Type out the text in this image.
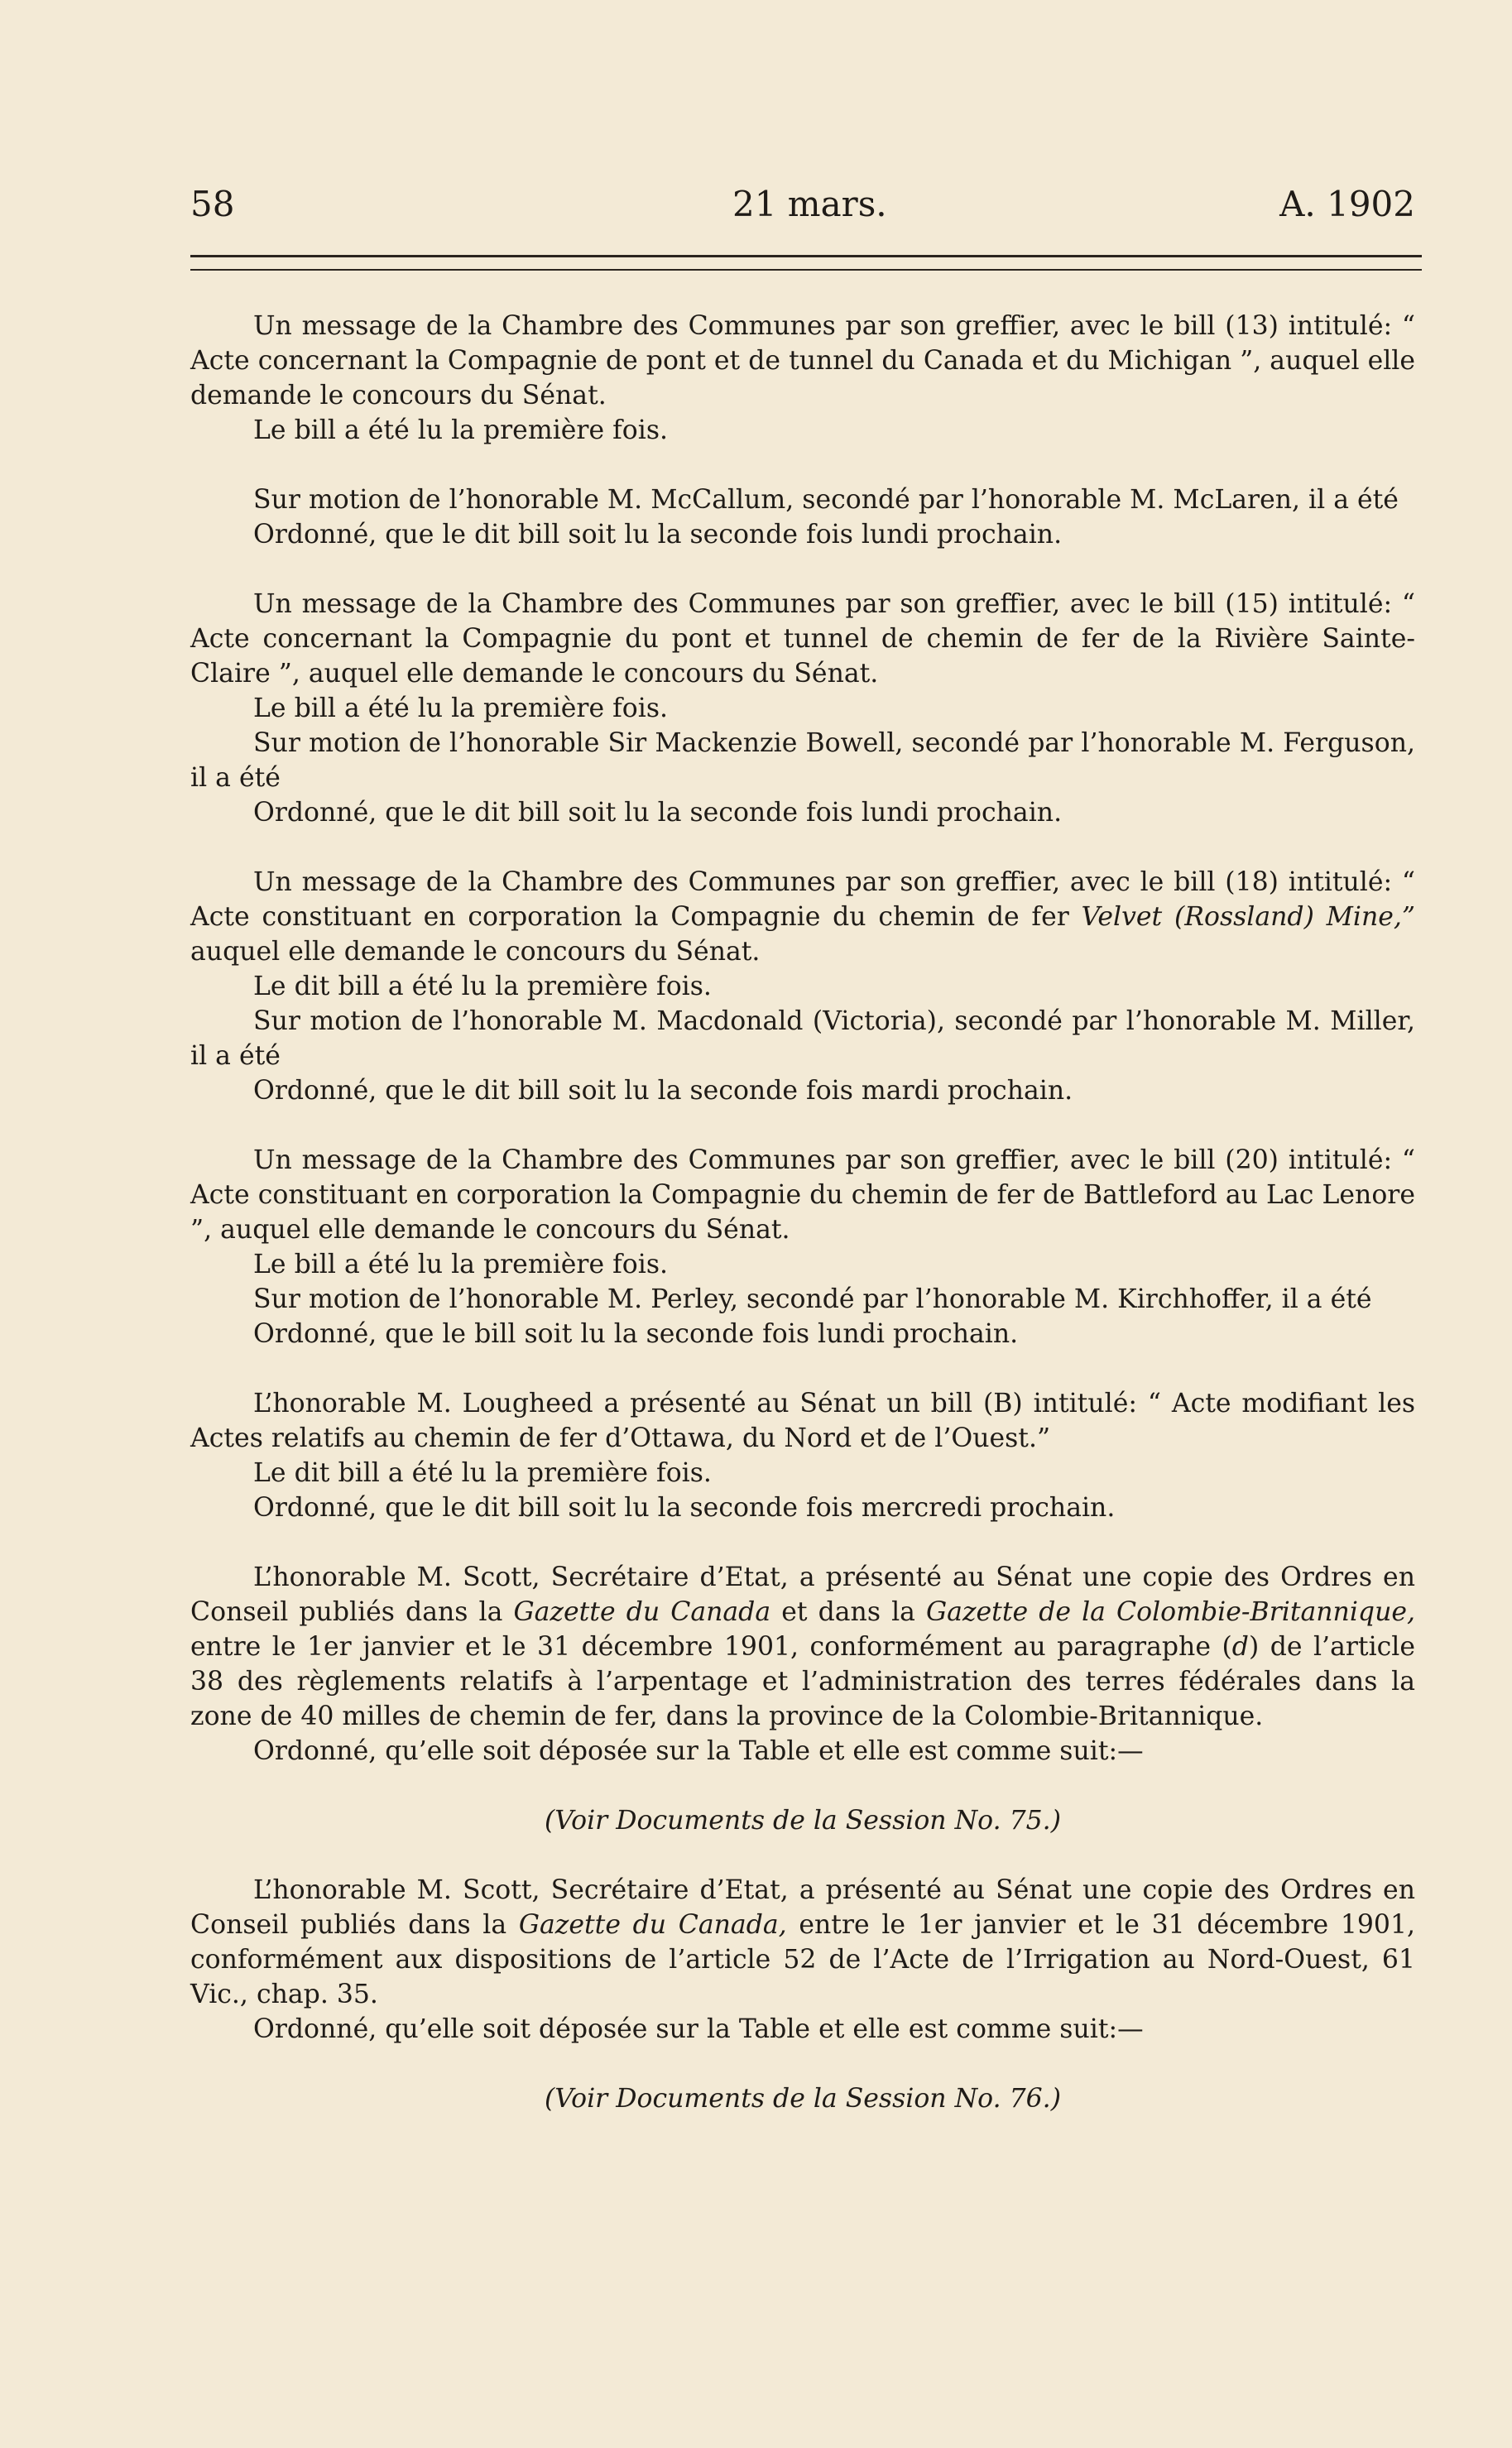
58	21 mars.	A. 1902

Un message de la Chambre des Communes par son greffier, avec le bill (13) intitulé: “ Acte concernant la Compagnie de pont et de tunnel du Canada et du Michigan ”, auquel elle demande le concours du Sénat.

Le bill a été lu la première fois.

Sur motion de l’honorable M. McCallum, secondé par l’honorable M. McLaren, il a été

Ordonné, que le dit bill soit lu la seconde fois lundi prochain.

Un message de la Chambre des Communes par son greffier, avec le bill (15) intitulé: “ Acte concernant la Compagnie du pont et tunnel de chemin de fer de la Rivière Sainte-Claire ”, auquel elle demande le concours du Sénat.

Le bill a été lu la première fois.

Sur motion de l’honorable Sir Mackenzie Bowell, secondé par l’honorable M. Ferguson, il a été

Ordonné, que le dit bill soit lu la seconde fois lundi prochain.

Un message de la Chambre des Communes par son greffier, avec le bill (18) intitulé: “ Acte constituant en corporation la Compagnie du chemin de fer Velvet (Rossland) Mine,” auquel elle demande le concours du Sénat.

Le dit bill a été lu la première fois.

Sur motion de l’honorable M. Macdonald (Victoria), secondé par l’honorable M. Miller, il a été

Ordonné, que le dit bill soit lu la seconde fois mardi prochain.

Un message de la Chambre des Communes par son greffier, avec le bill (20) intitulé: “ Acte constituant en corporation la Compagnie du chemin de fer de Battleford au Lac Lenore ”, auquel elle demande le concours du Sénat.

Le bill a été lu la première fois.

Sur motion de l’honorable M. Perley, secondé par l’honorable M. Kirchhoffer, il a été

Ordonné, que le bill soit lu la seconde fois lundi prochain.

L’honorable M. Lougheed a présenté au Sénat un bill (B) intitulé: “ Acte modifiant les Actes relatifs au chemin de fer d’Ottawa, du Nord et de l’Ouest.”

Le dit bill a été lu la première fois.

Ordonné, que le dit bill soit lu la seconde fois mercredi prochain.

L’honorable M. Scott, Secrétaire d’Etat, a présenté au Sénat une copie des Ordres en Conseil publiés dans la Gazette du Canada et dans la Gazette de la Colombie-Britannique, entre le 1er janvier et le 31 décembre 1901, conformément au paragraphe (d) de l’article 38 des règlements relatifs à l’arpentage et l’administration des terres fédérales dans la zone de 40 milles de chemin de fer, dans la province de la Colombie-Britannique.

Ordonné, qu’elle soit déposée sur la Table et elle est comme suit:—

(Voir Documents de la Session No. 75.)

L’honorable M. Scott, Secrétaire d’Etat, a présenté au Sénat une copie des Ordres en Conseil publiés dans la Gazette du Canada, entre le 1er janvier et le 31 décembre 1901, conformément aux dispositions de l’article 52 de l’Acte de l’Irrigation au Nord-Ouest, 61 Vic., chap. 35.

Ordonné, qu’elle soit déposée sur la Table et elle est comme suit:—

(Voir Documents de la Session No. 76.)
